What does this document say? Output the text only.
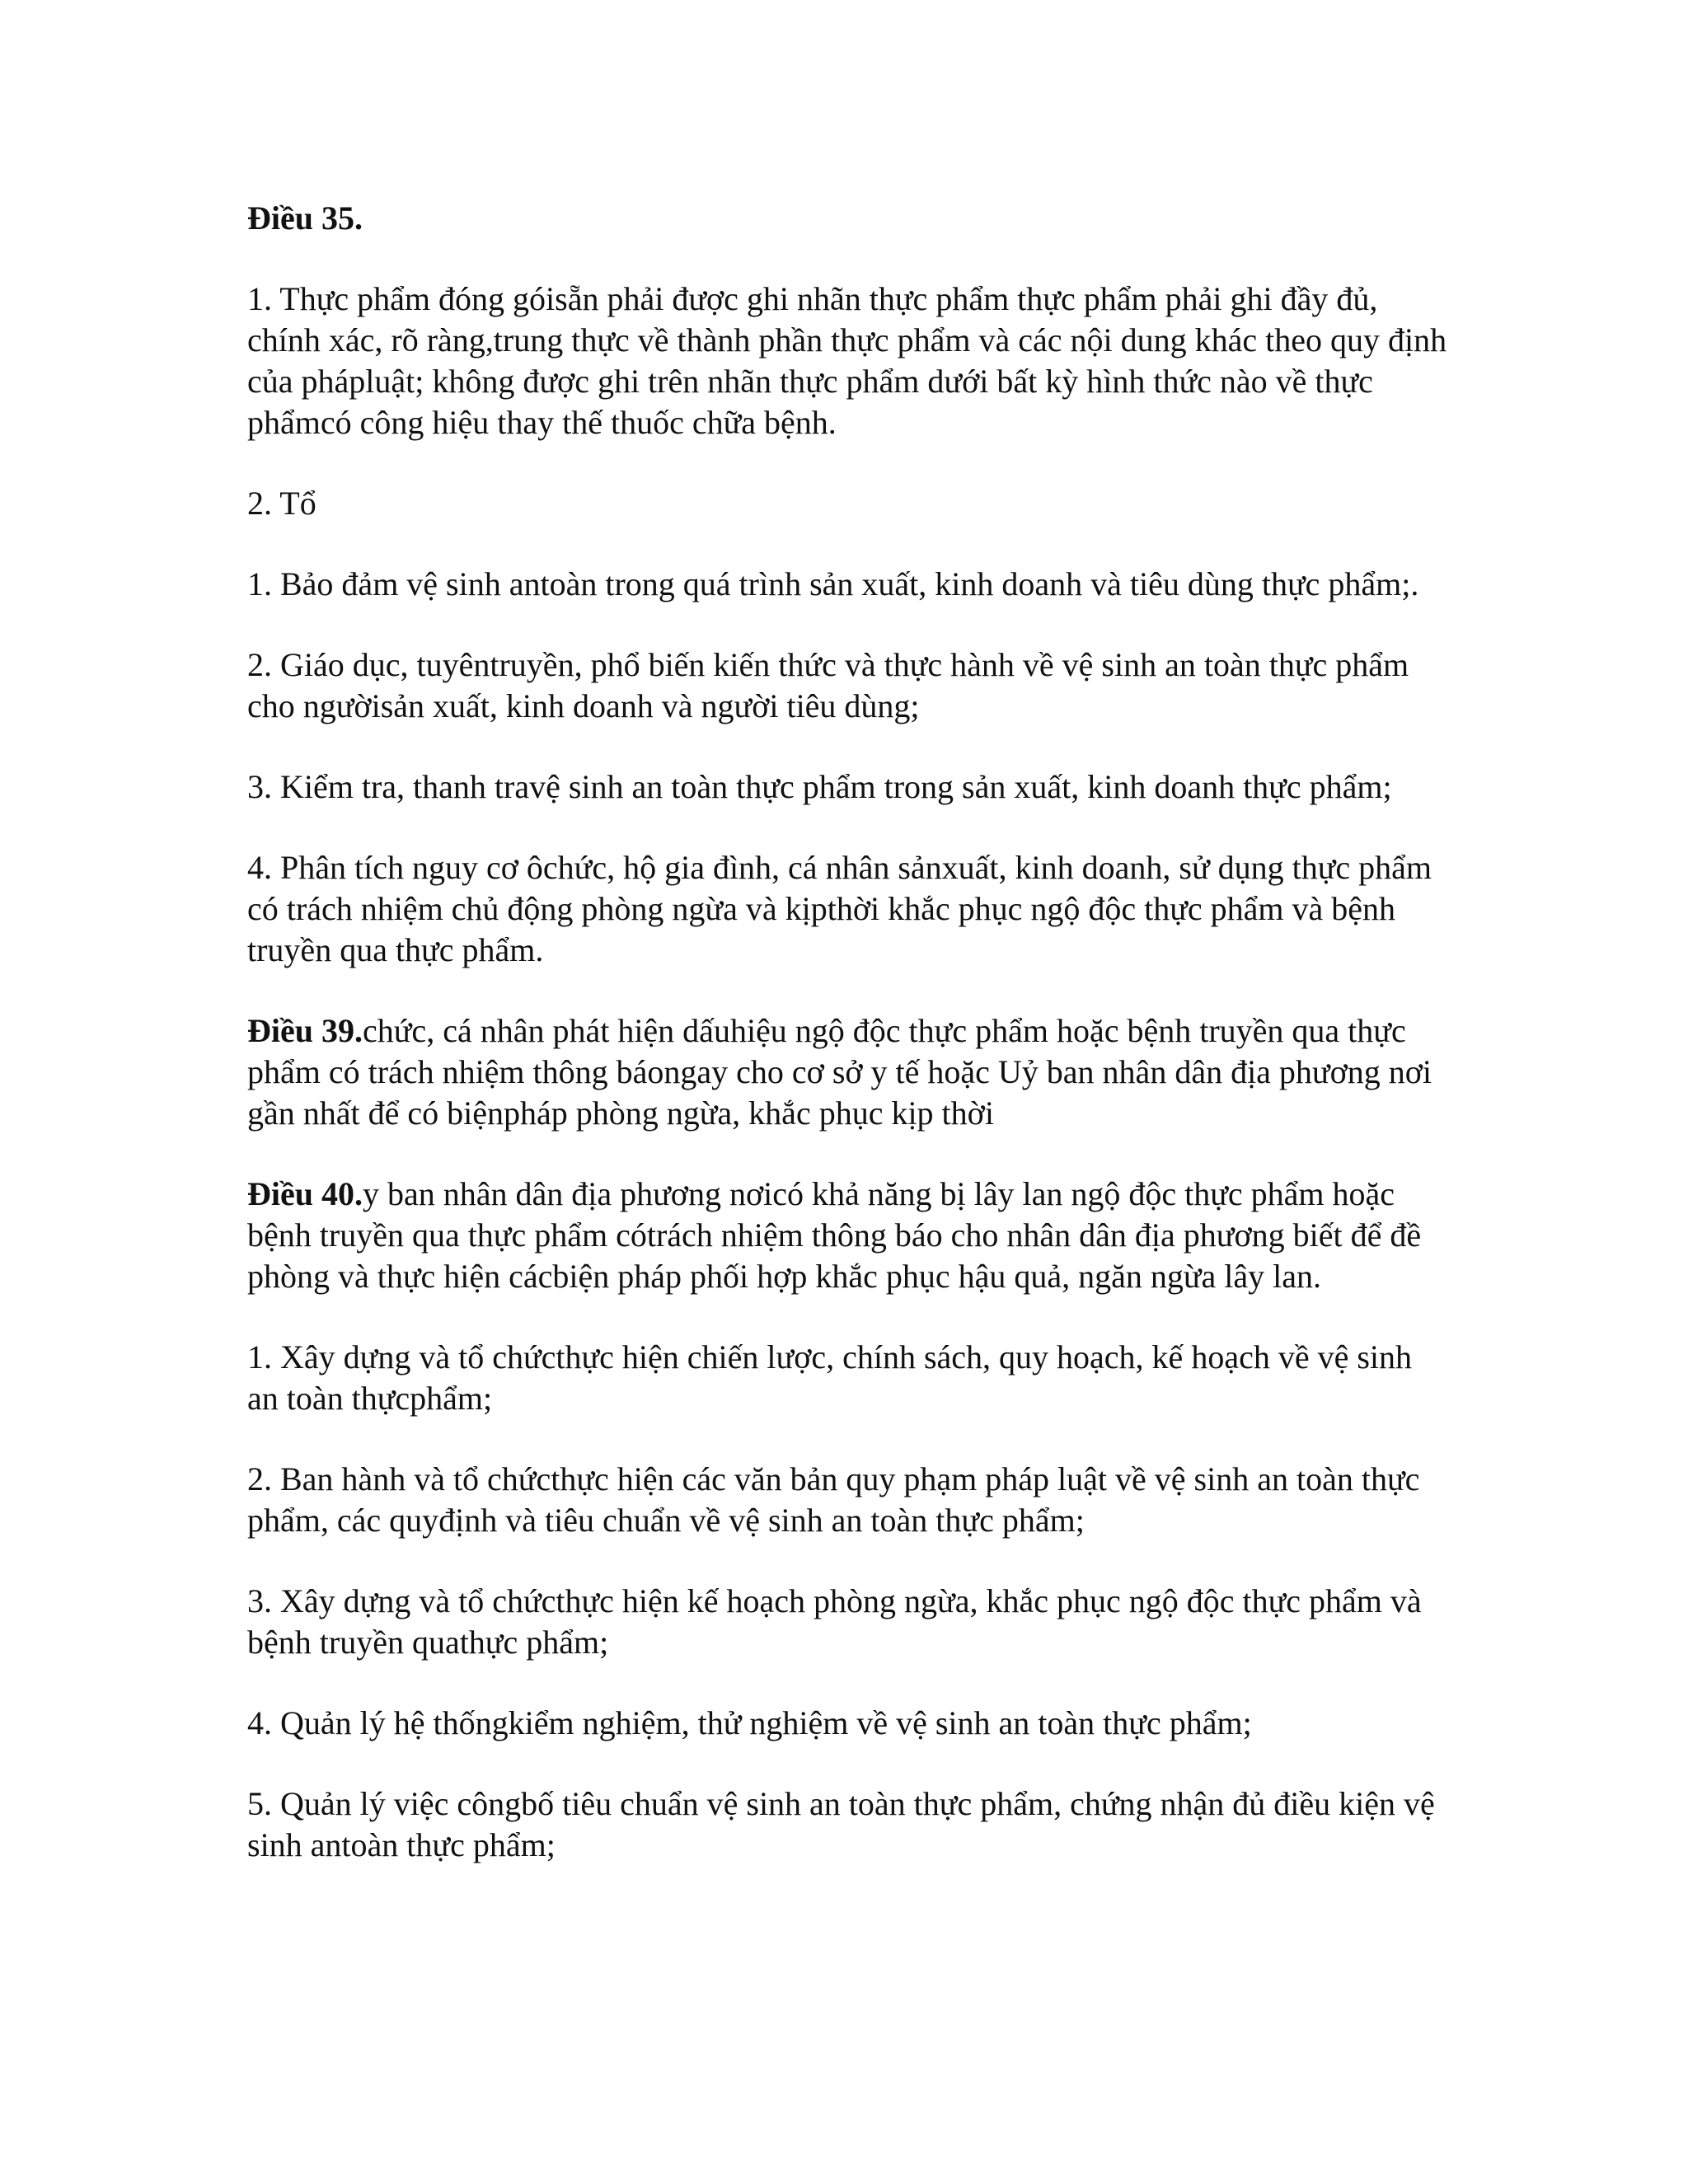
Điều 35.

1. Thực phẩm đóng góisẵn phải được ghi nhãn thực phẩm thực phẩm phải ghi đầy đủ, chính xác, rõ ràng,trung thực về thành phần thực phẩm và các nội dung khác theo quy định của phápluật; không được ghi trên nhãn thực phẩm dưới bất kỳ hình thức nào về thực phẩmcó công hiệu thay thế thuốc chữa bệnh.

2. Tổ

1. Bảo đảm vệ sinh antoàn trong quá trình sản xuất, kinh doanh và tiêu dùng thực phẩm;.

2. Giáo dục, tuyêntruyền, phổ biến kiến thức và thực hành về vệ sinh an toàn thực phẩm cho ngườisản xuất, kinh doanh và người tiêu dùng;

3. Kiểm tra, thanh travệ sinh an toàn thực phẩm trong sản xuất, kinh doanh thực phẩm;

4. Phân tích nguy cơ ôchức, hộ gia đình, cá nhân sảnxuất, kinh doanh, sử dụng thực phẩm có trách nhiệm chủ động phòng ngừa và kịpthời khắc phục ngộ độc thực phẩm và bệnh truyền qua thực phẩm.

Điều 39.chức, cá nhân phát hiện dấuhiệu ngộ độc thực phẩm hoặc bệnh truyền qua thực phẩm có trách nhiệm thông báongay cho cơ sở y tế hoặc Uỷ ban nhân dân địa phương nơi gần nhất để có biệnpháp phòng ngừa, khắc phục kịp thời

Điều 40.y ban nhân dân địa phương nơicó khả năng bị lây lan ngộ độc thực phẩm hoặc bệnh truyền qua thực phẩm cótrách nhiệm thông báo cho nhân dân địa phương biết để đề phòng và thực hiện cácbiện pháp phối hợp khắc phục hậu quả, ngăn ngừa lây lan.

1. Xây dựng và tổ chứcthực hiện chiến lược, chính sách, quy hoạch, kế hoạch về vệ sinh an toàn thựcphẩm;

2. Ban hành và tổ chứcthực hiện các văn bản quy phạm pháp luật về vệ sinh an toàn thực phẩm, các quyđịnh và tiêu chuẩn về vệ sinh an toàn thực phẩm;

3. Xây dựng và tổ chứcthực hiện kế hoạch phòng ngừa, khắc phục ngộ độc thực phẩm và bệnh truyền quathực phẩm;

4. Quản lý hệ thốngkiểm nghiệm, thử nghiệm về vệ sinh an toàn thực phẩm;

5. Quản lý việc côngbố tiêu chuẩn vệ sinh an toàn thực phẩm, chứng nhận đủ điều kiện vệ sinh antoàn thực phẩm;
